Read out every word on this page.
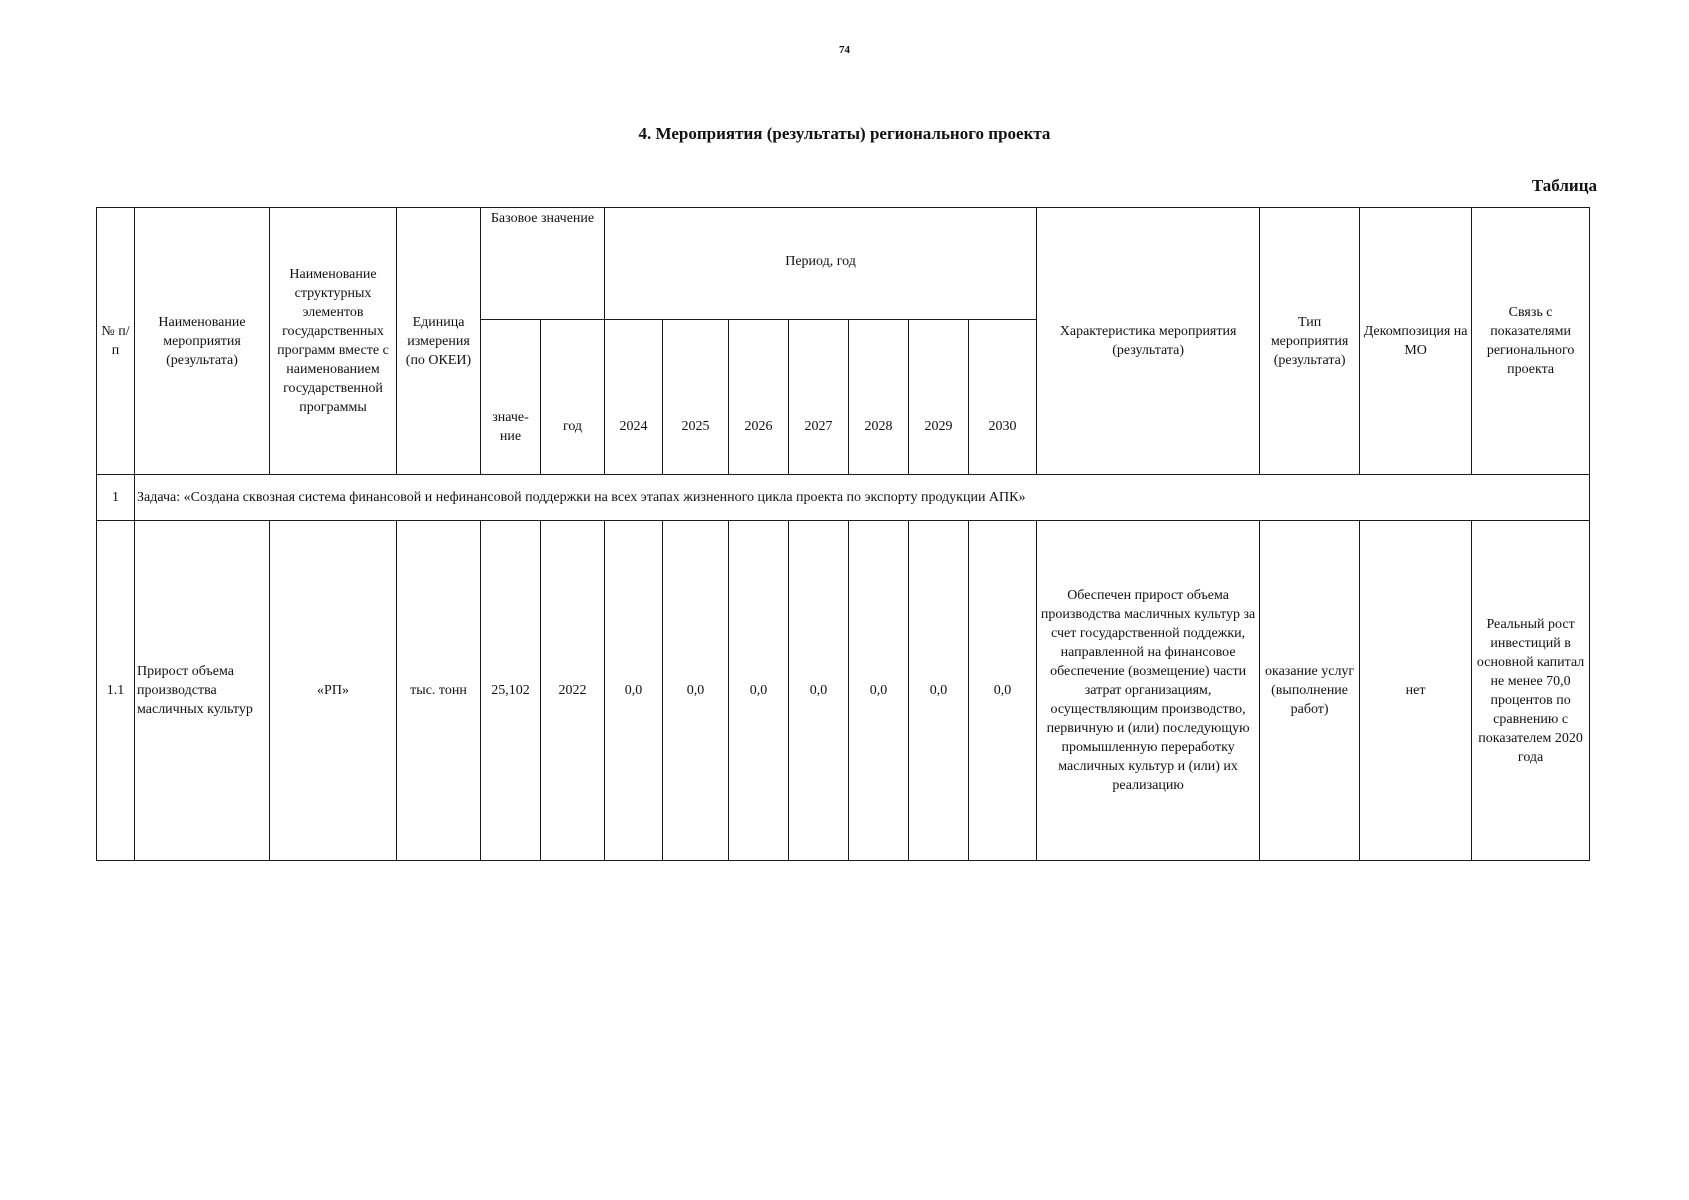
74
4. Мероприятия (результаты) регионального проекта
Таблица
№ п/п	Наименование мероприятия (результата)	Наименование структурных элементов государственных программ вместе с наименованием государственной программы	Единица измерения (по ОКЕИ)	Базовое значение		Период, год							Характеристика мероприятия (результата)	Тип мероприятия (результата)	Декомпозиция на МО	Связь с показателями регионального проекта
				значе-ние	год	2024	2025	2026	2027	2028	2029	2030				
1	Задача: «Создана сквозная система финансовой и нефинансовой поддержки на всех этапах жизненного цикла проекта по экспорту продукции АПК»															
1.1	Прирост объема производства масличных культур	«РП»	тыс. тонн	25,102	2022	0,0	0,0	0,0	0,0	0,0	0,0	0,0	Обеспечен прирост объема производства масличных культур за счет государственной поддежки, направленной на финансовое обеспечение (возмещение) части затрат организациям, осуществляющим производство, первичную и (или) последующую промышленную переработку масличных культур и (или) их реализацию	оказание услуг (выполнение работ)	нет	Реальный рост инвестиций в основной капитал не менее 70,0 процентов по сравнению с показателем 2020 года
